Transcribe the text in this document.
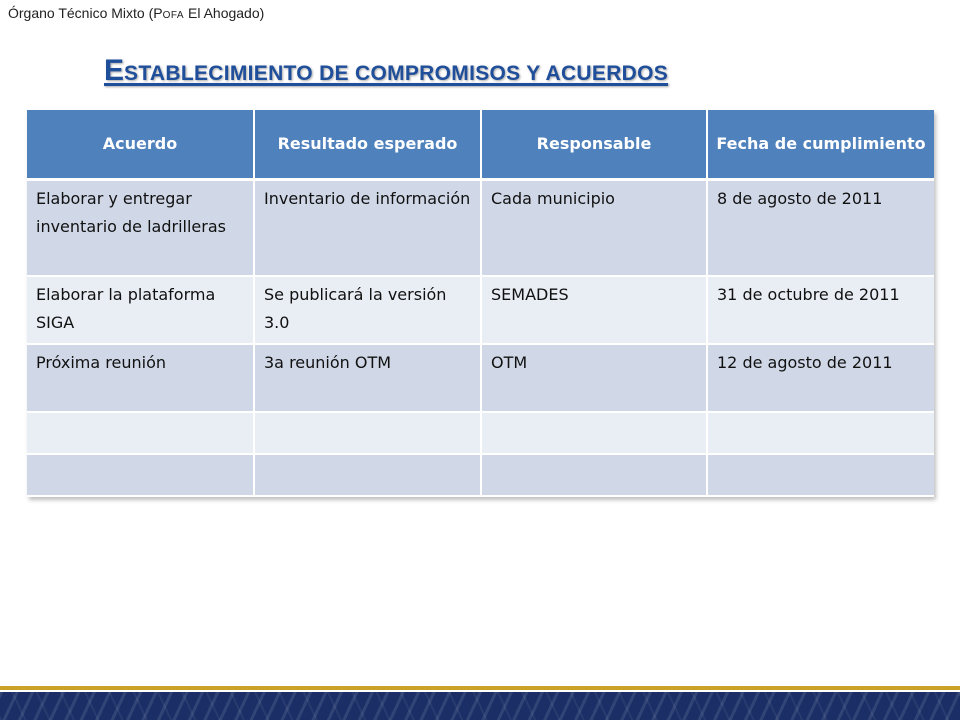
Órgano Técnico Mixto (POFA El Ahogado)
ESTABLECIMIENTO DE COMPROMISOS Y ACUERDOS
Acuerdo	Resultado esperado	Responsable	Fecha de cumplimiento
Elaborar y entregar inventario de ladrilleras	Inventario de información	Cada municipio	8 de agosto de 2011
Elaborar la plataforma SIGA	Se publicará la versión 3.0	SEMADES	31 de octubre de 2011
Próxima reunión	3a reunión OTM	OTM	12 de agosto de 2011
